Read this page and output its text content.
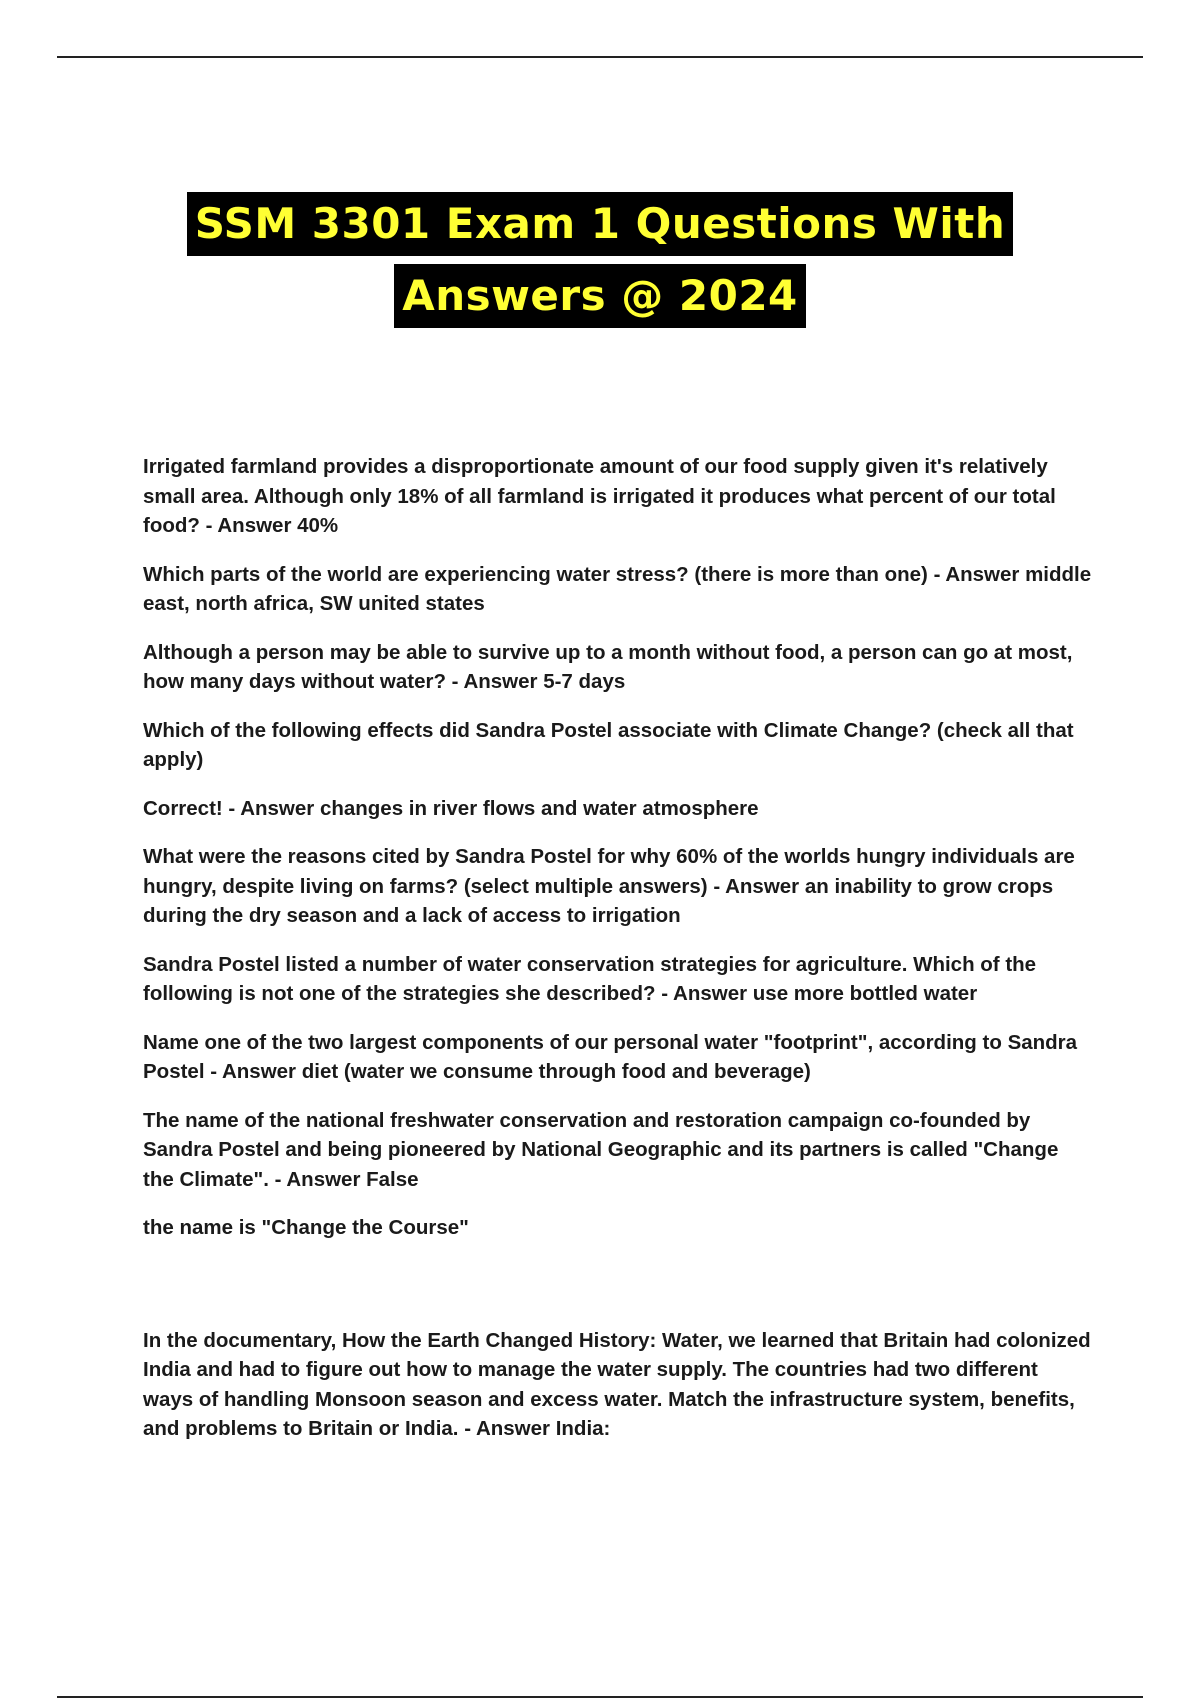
SSM 3301 Exam 1 Questions With
Answers @ 2024

Irrigated farmland provides a disproportionate amount of our food supply given it's relatively small area. Although only 18% of all farmland is irrigated it produces what percent of our total food? - Answer 40%

Which parts of the world are experiencing water stress? (there is more than one) - Answer middle east, north africa, SW united states

Although a person may be able to survive up to a month without food, a person can go at most, how many days without water? - Answer 5-7 days

Which of the following effects did Sandra Postel associate with Climate Change? (check all that apply)

Correct! - Answer changes in river flows and water atmosphere

What were the reasons cited by Sandra Postel for why 60% of the worlds hungry individuals are hungry, despite living on farms? (select multiple answers) - Answer an inability to grow crops during the dry season and a lack of access to irrigation

Sandra Postel listed a number of water conservation strategies for agriculture. Which of the following is not one of the strategies she described? - Answer use more bottled water

Name one of the two largest components of our personal water "footprint", according to Sandra Postel - Answer diet (water we consume through food and beverage)

The name of the national freshwater conservation and restoration campaign co-founded by Sandra Postel and being pioneered by National Geographic and its partners is called "Change the Climate". - Answer False

the name is "Change the Course"

In the documentary, How the Earth Changed History: Water, we learned that Britain had colonized India and had to figure out how to manage the water supply. The countries had two different ways of handling Monsoon season and excess water. Match the infrastructure system, benefits, and problems to Britain or India. - Answer India:
